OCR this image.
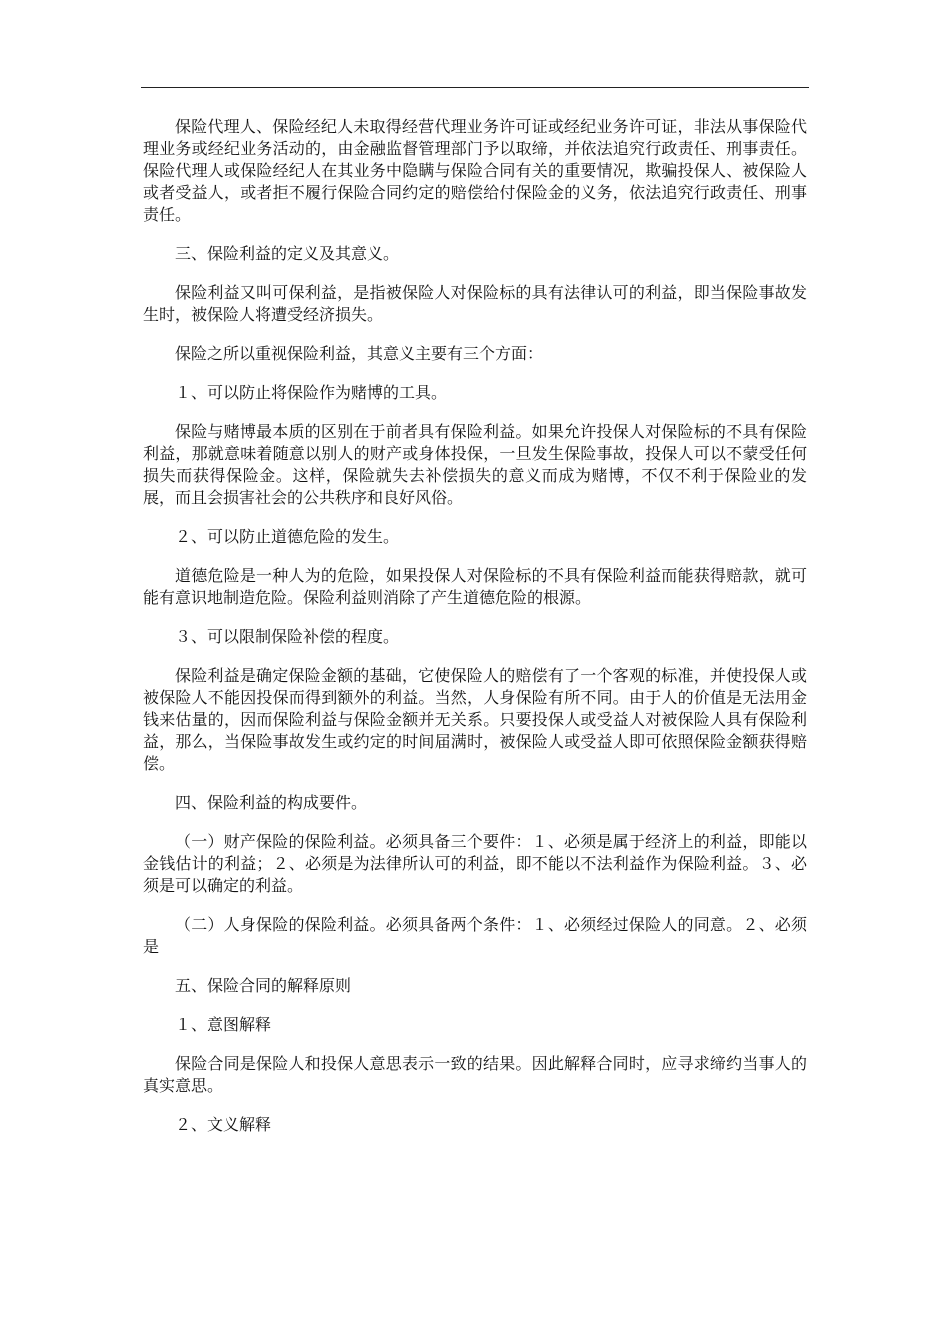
保险代理人、保险经纪人未取得经营代理业务许可证或经纪业务许可证，非法从事保险代理业务或经纪业务活动的，由金融监督管理部门予以取缔，并依法追究行政责任、刑事责任。保险代理人或保险经纪人在其业务中隐瞒与保险合同有关的重要情况，欺骗投保人、被保险人或者受益人，或者拒不履行保险合同约定的赔偿给付保险金的义务，依法追究行政责任、刑事责任。

三、保险利益的定义及其意义。

保险利益又叫可保利益，是指被保险人对保险标的具有法律认可的利益，即当保险事故发生时，被保险人将遭受经济损失。

保险之所以重视保险利益，其意义主要有三个方面：

１、可以防止将保险作为赌博的工具。

保险与赌博最本质的区别在于前者具有保险利益。如果允许投保人对保险标的不具有保险利益，那就意味着随意以别人的财产或身体投保，一旦发生保险事故，投保人可以不蒙受任何损失而获得保险金。这样，保险就失去补偿损失的意义而成为赌博，不仅不利于保险业的发展，而且会损害社会的公共秩序和良好风俗。

２、可以防止道德危险的发生。

道德危险是一种人为的危险，如果投保人对保险标的不具有保险利益而能获得赔款，就可能有意识地制造危险。保险利益则消除了产生道德危险的根源。

３、可以限制保险补偿的程度。

保险利益是确定保险金额的基础，它使保险人的赔偿有了一个客观的标准，并使投保人或被保险人不能因投保而得到额外的利益。当然，人身保险有所不同。由于人的价值是无法用金钱来估量的，因而保险利益与保险金额并无关系。只要投保人或受益人对被保险人具有保险利益，那么，当保险事故发生或约定的时间届满时，被保险人或受益人即可依照保险金额获得赔偿。

四、保险利益的构成要件。

（一）财产保险的保险利益。必须具备三个要件：１、必须是属于经济上的利益，即能以金钱估计的利益；２、必须是为法律所认可的利益，即不能以不法利益作为保险利益。３、必须是可以确定的利益。

（二）人身保险的保险利益。必须具备两个条件：１、必须经过保险人的同意。２、必须是

五、保险合同的解释原则

１、意图解释

保险合同是保险人和投保人意思表示一致的结果。因此解释合同时，应寻求缔约当事人的真实意思。

２、文义解释
